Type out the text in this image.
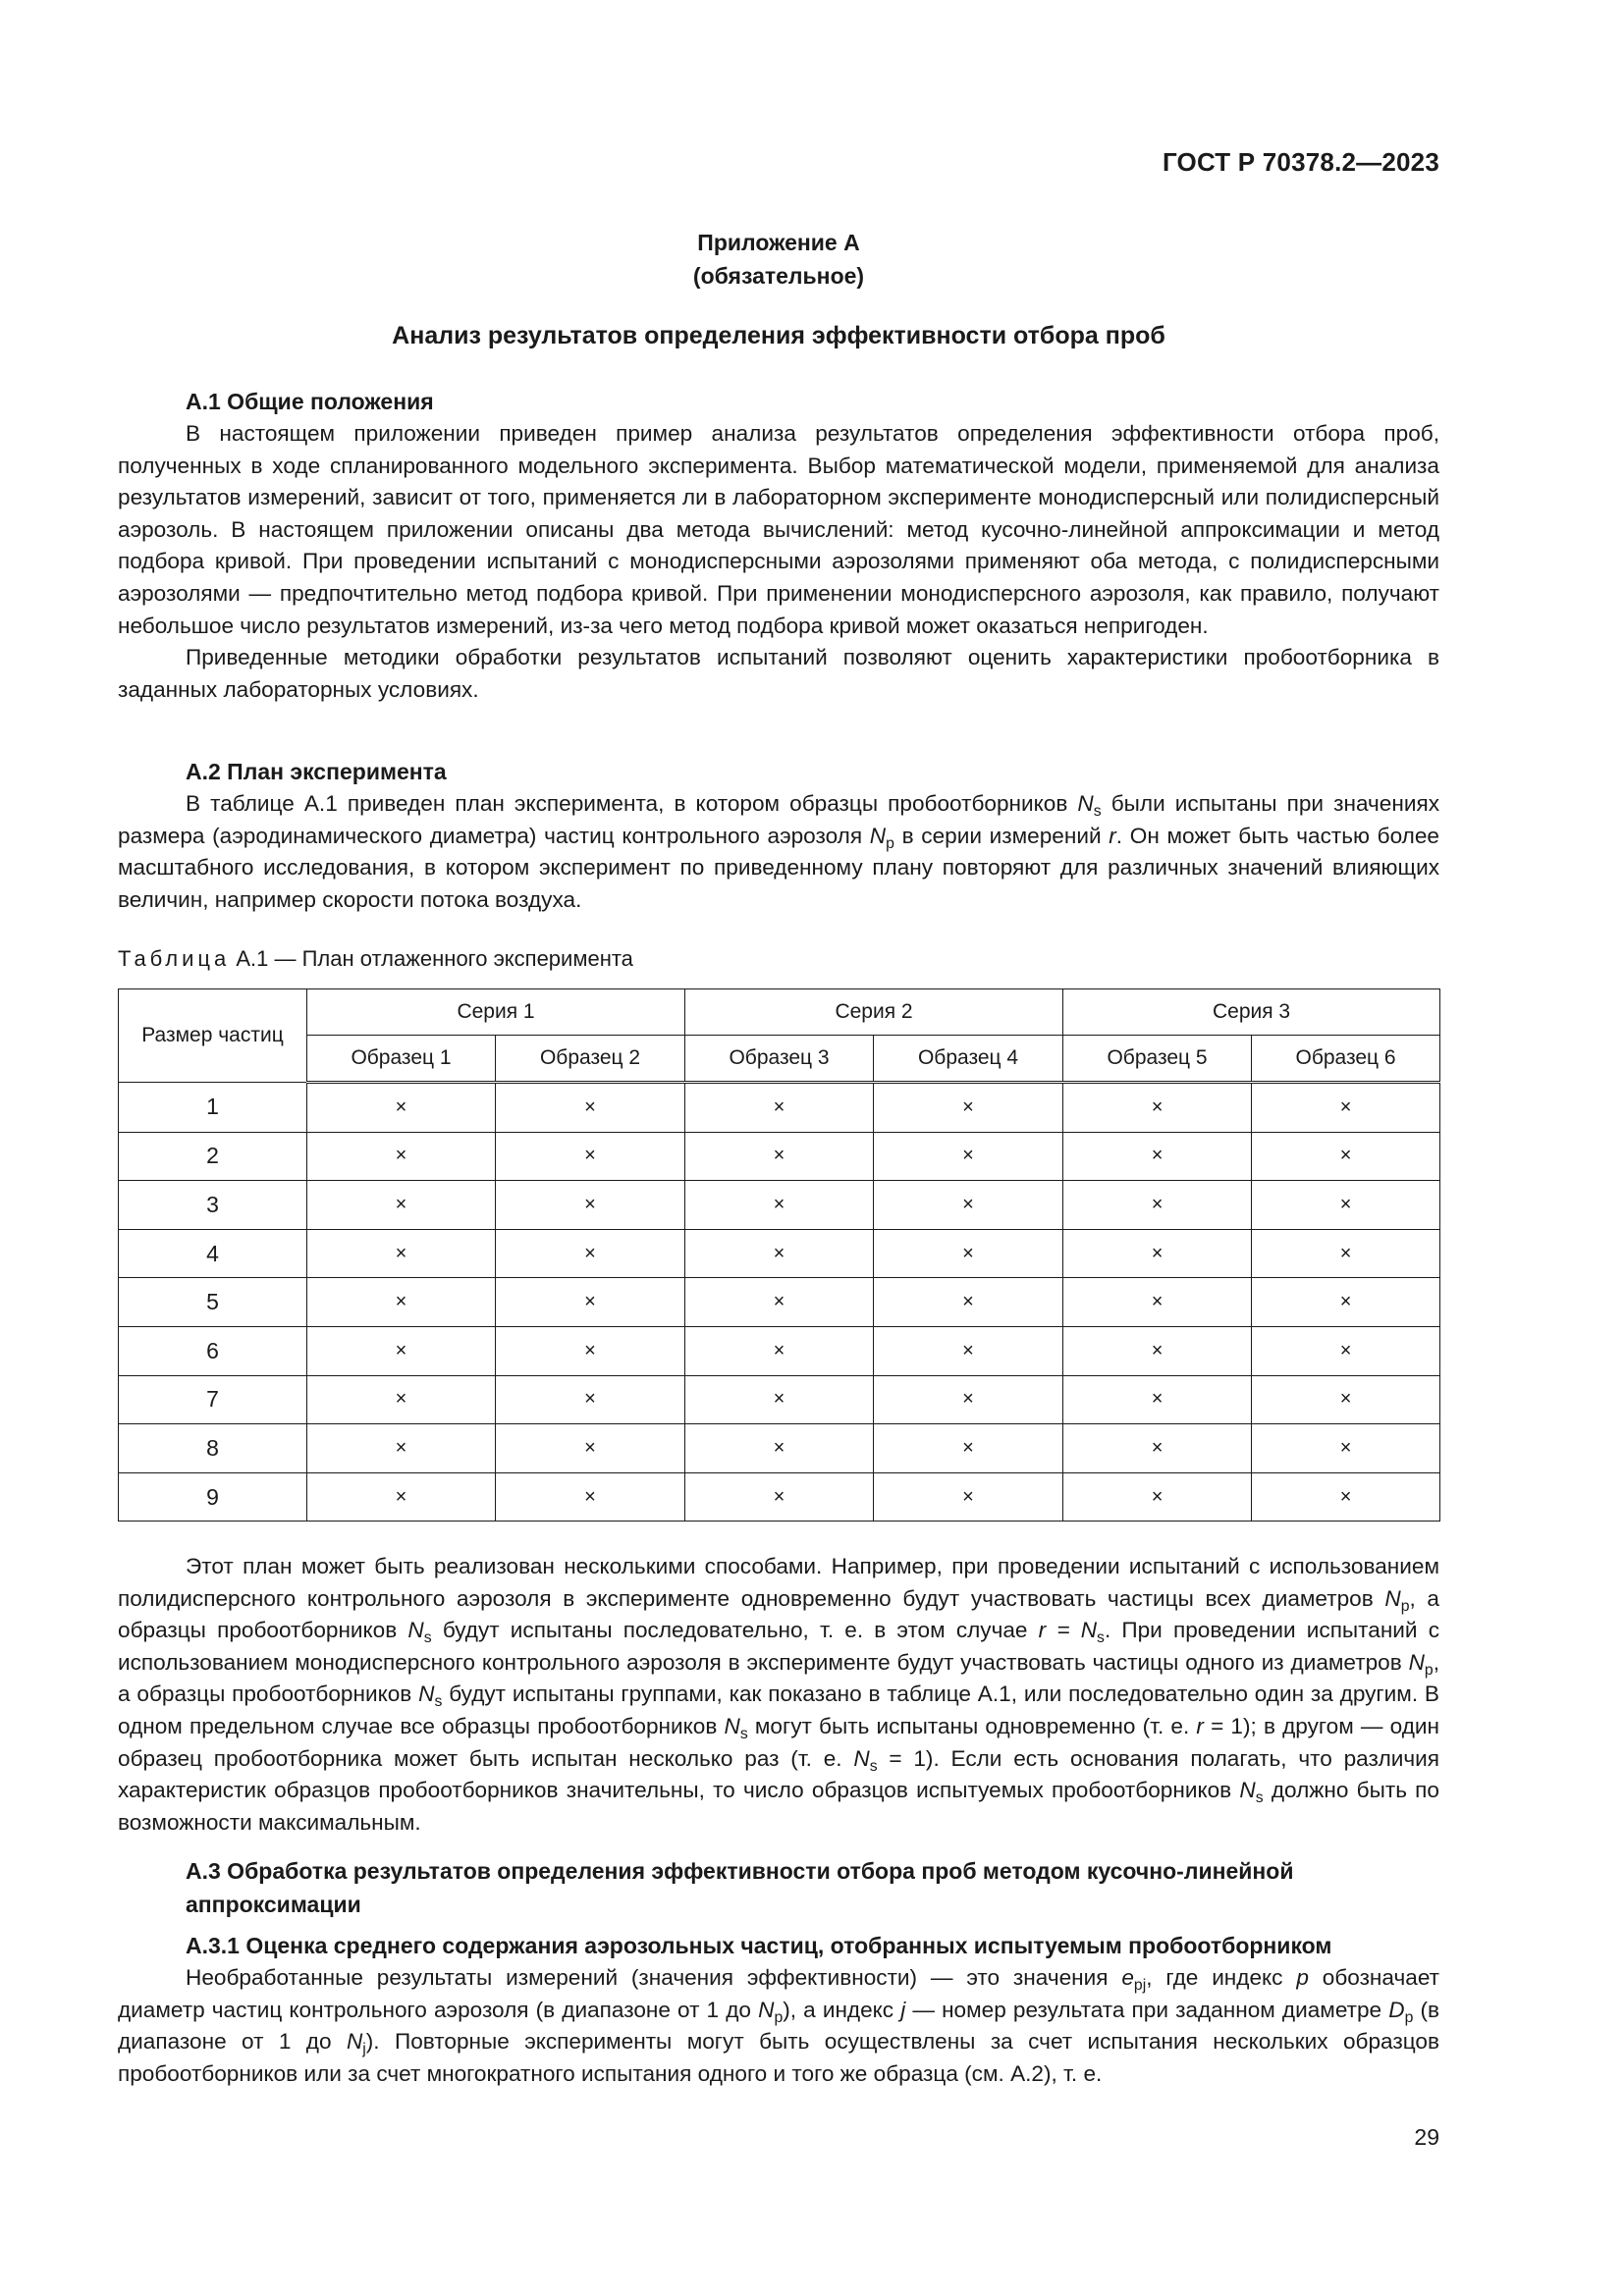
ГОСТ Р 70378.2—2023
Приложение А
(обязательное)
Анализ результатов определения эффективности отбора проб

А.1 Общие положения

В настоящем приложении приведен пример анализа результатов определения эффективности отбора проб, полученных в ходе спланированного модельного эксперимента. Выбор математической модели, применяемой для анализа результатов измерений, зависит от того, применяется ли в лабораторном эксперименте монодисперсный или полидисперсный аэрозоль. В настоящем приложении описаны два метода вычислений: метод кусочно-линейной аппроксимации и метод подбора кривой. При проведении испытаний с монодисперсными аэрозолями применяют оба метода, с полидисперсными аэрозолями — предпочтительно метод подбора кривой. При применении монодисперсного аэрозоля, как правило, получают небольшое число результатов измерений, из-за чего метод подбора кривой может оказаться непригоден.

Приведенные методики обработки результатов испытаний позволяют оценить характеристики пробоотборника в заданных лабораторных условиях.

А.2 План эксперимента

В таблице А.1 приведен план эксперимента, в котором образцы пробоотборников $N_s$ были испытаны при значениях размера (аэродинамического диаметра) частиц контрольного аэрозоля $N_p$ в серии измерений r. Он может быть частью более масштабного исследования, в котором эксперимент по приведенному плану повторяют для различных значений влияющих величин, например скорости потока воздуха.

Таблица А.1 — План отлаженного эксперимента
Размер частиц	Серия 1		Серия 2		Серия 3	
	Образец 1	Образец 2	Образец 3	Образец 4	Образец 5	Образец 6
1	×	×	×	×	×	×
2	×	×	×	×	×	×
3	×	×	×	×	×	×
4	×	×	×	×	×	×
5	×	×	×	×	×	×
6	×	×	×	×	×	×
7	×	×	×	×	×	×
8	×	×	×	×	×	×
9	×	×	×	×	×	×

Этот план может быть реализован несколькими способами. Например, при проведении испытаний с использованием полидисперсного контрольного аэрозоля в эксперименте одновременно будут участвовать частицы всех диаметров $N_p$, а образцы пробоотборников $N_s$ будут испытаны последовательно, т. е. в этом случае $r = N_s$. При проведении испытаний с использованием монодисперсного контрольного аэрозоля в эксперименте будут участвовать частицы одного из диаметров $N_p$, а образцы пробоотборников $N_s$ будут испытаны группами, как показано в таблице А.1, или последовательно один за другим. В одном предельном случае все образцы пробоотборников $N_s$ могут быть испытаны одновременно (т. е. r = 1); в другом — один образец пробоотборника может быть испытан несколько раз (т. е. $N_s = 1$). Если есть основания полагать, что различия характеристик образцов пробоотборников значительны, то число образцов испытуемых пробоотборников $N_s$ должно быть по возможности максимальным.

А.3 Обработка результатов определения эффективности отбора проб методом кусочно-линейной
аппроксимации

А.3.1 Оценка среднего содержания аэрозольных частиц, отобранных испытуемым пробоотборником

Необработанные результаты измерений (значения эффективности) — это значения $e_{pj}$, где индекс p обозначает диаметр частиц контрольного аэрозоля (в диапазоне от 1 до $N_p$), а индекс j — номер результата при заданном диаметре $D_p$ (в диапазоне от 1 до $N_j$). Повторные эксперименты могут быть осуществлены за счет испытания нескольких образцов пробоотборников или за счет многократного испытания одного и того же образца (см. А.2), т. е.

29
